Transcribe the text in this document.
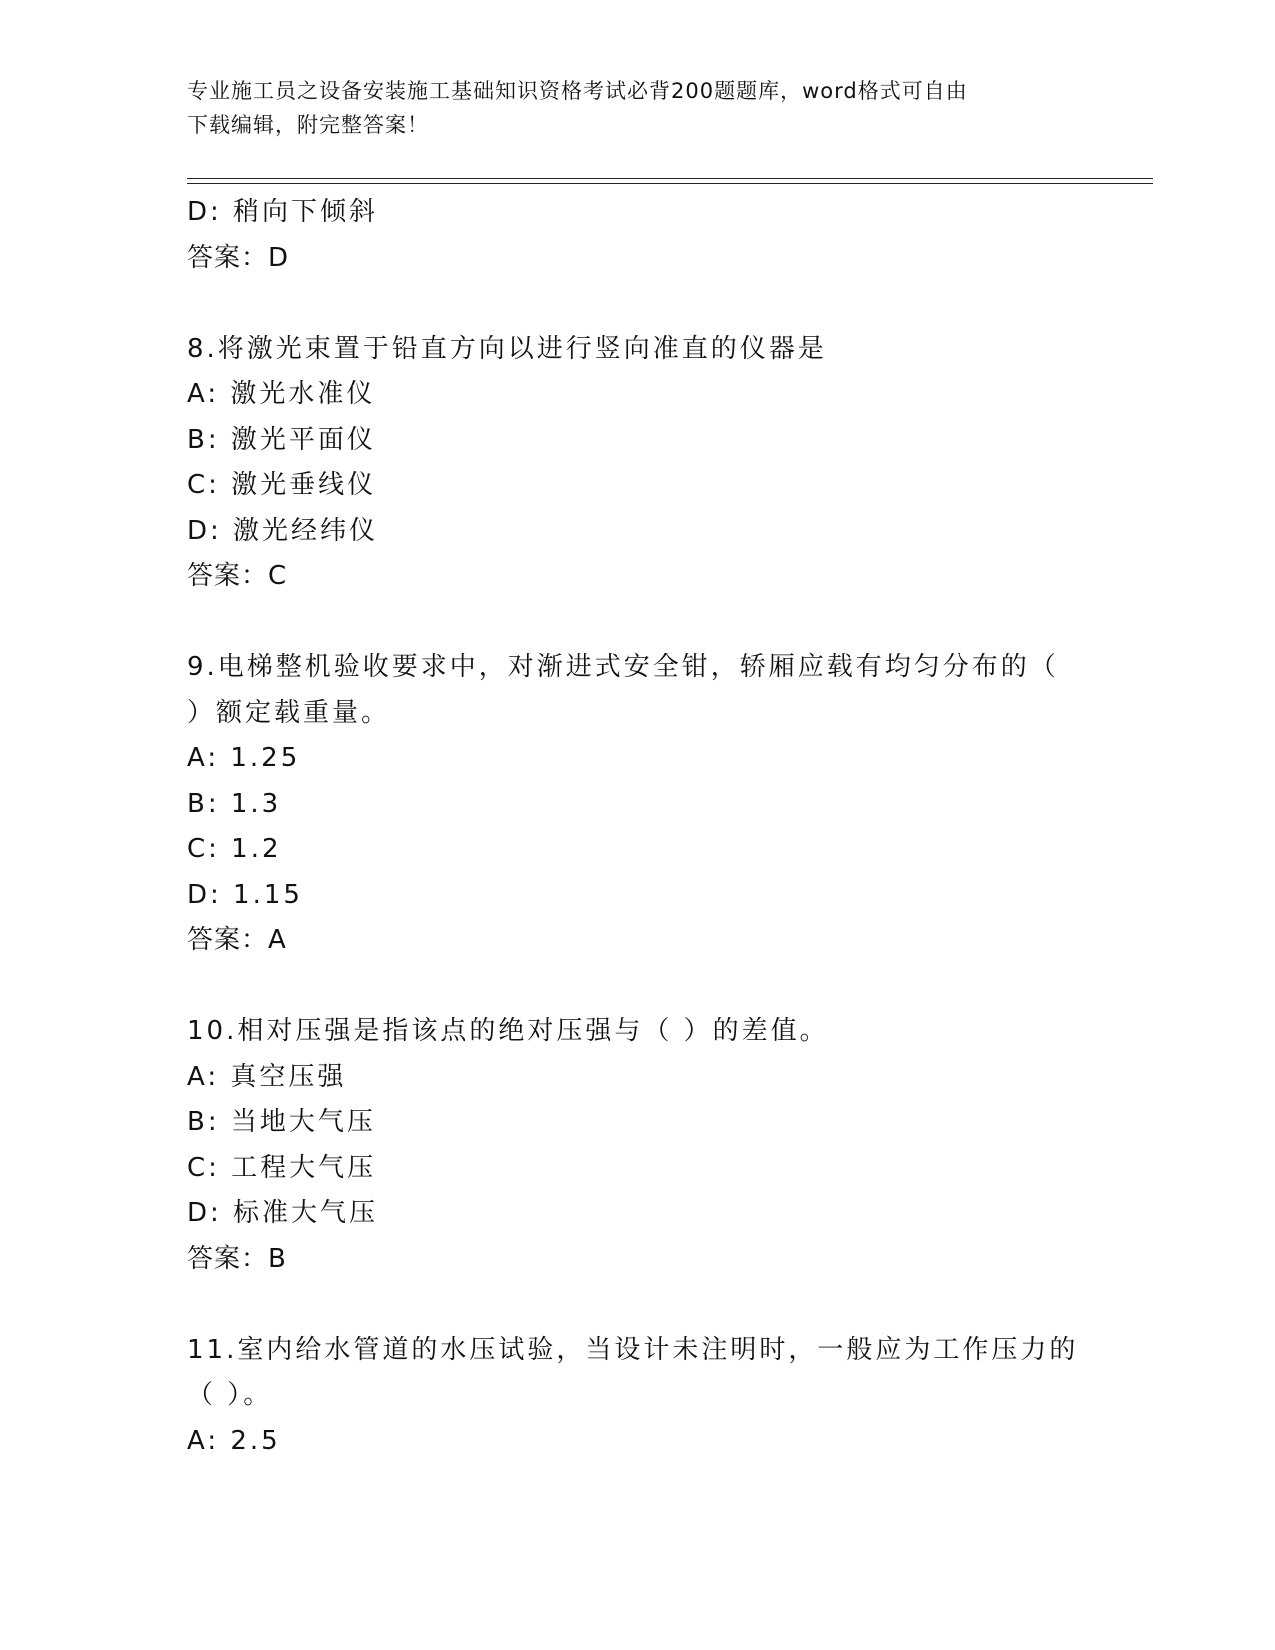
专业施工员之设备安装施工基础知识资格考试必背200题题库，word格式可自由
下载编辑，附完整答案！

D: 稍向下倾斜

答案：D

8.将激光束置于铅直方向以进行竖向准直的仪器是

A: 激光水准仪

B: 激光平面仪

C: 激光垂线仪

D: 激光经纬仪

答案：C

9.电梯整机验收要求中，对渐进式安全钳，轿厢应载有均匀分布的（

）额定载重量。

A: 1.25

B: 1.3

C: 1.2

D: 1.15

答案：A

10.相对压强是指该点的绝对压强与（ ）的差值。

A: 真空压强

B: 当地大气压

C: 工程大气压

D: 标准大气压

答案：B

11.室内给水管道的水压试验，当设计未注明时，一般应为工作压力的

（ ）。

A: 2.5
